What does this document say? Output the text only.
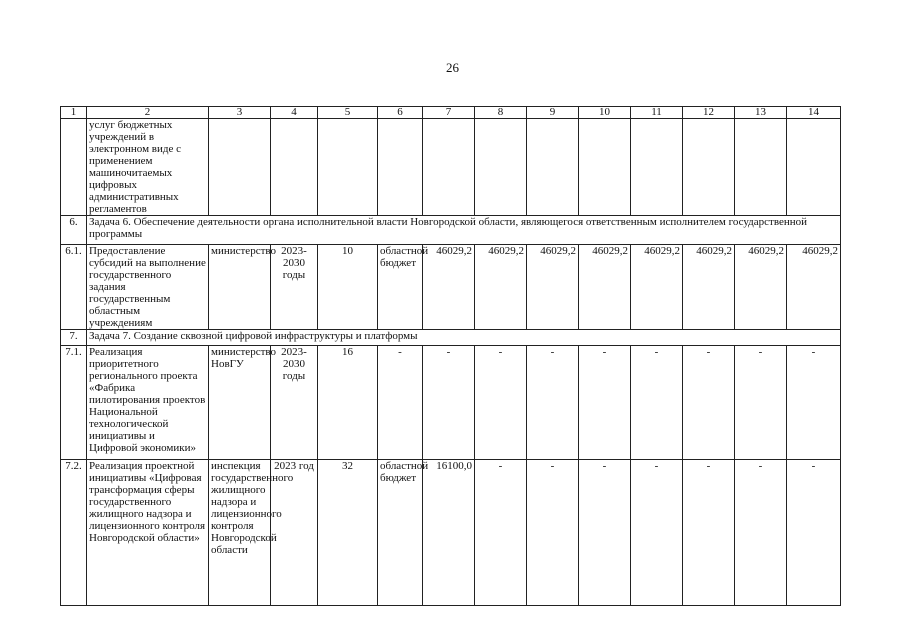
26
1	2	3	4	5	6	7	8	9	10	11	12	13	14
	услуг бюджетных учреждений в электронном виде с применением машиночитаемых цифровых административных регламентов												
6.	Задача 6. Обеспечение деятельности органа исполнительной власти Новгородской области, являющегося ответственным исполнителем государственной программы												
6.1.	Предоставление субсидий на выполнение государственного задания государственным областным учреждениям	министерство	2023-2030 годы	10	областной бюджет	46029,2	46029,2	46029,2	46029,2	46029,2	46029,2	46029,2	46029,2
7.	Задача 7. Создание сквозной цифровой инфраструктуры и платформы												
7.1.	Реализация приоритетного регионального проекта «Фабрика пилотирования проектов Национальной технологической инициативы и Цифровой экономики»	министерство НовГУ	2023-2030 годы	16	-	-	-	-	-	-	-	-	-
7.2.	Реализация проектной инициативы «Цифровая трансформация сферы государственного жилищного надзора и лицензионного контроля Новгородской области»	инспекция государственного жилищного надзора и лицензионного контроля Новгородской области	2023 год	32	областной бюджет	16100,0	-	-	-	-	-	-	-
